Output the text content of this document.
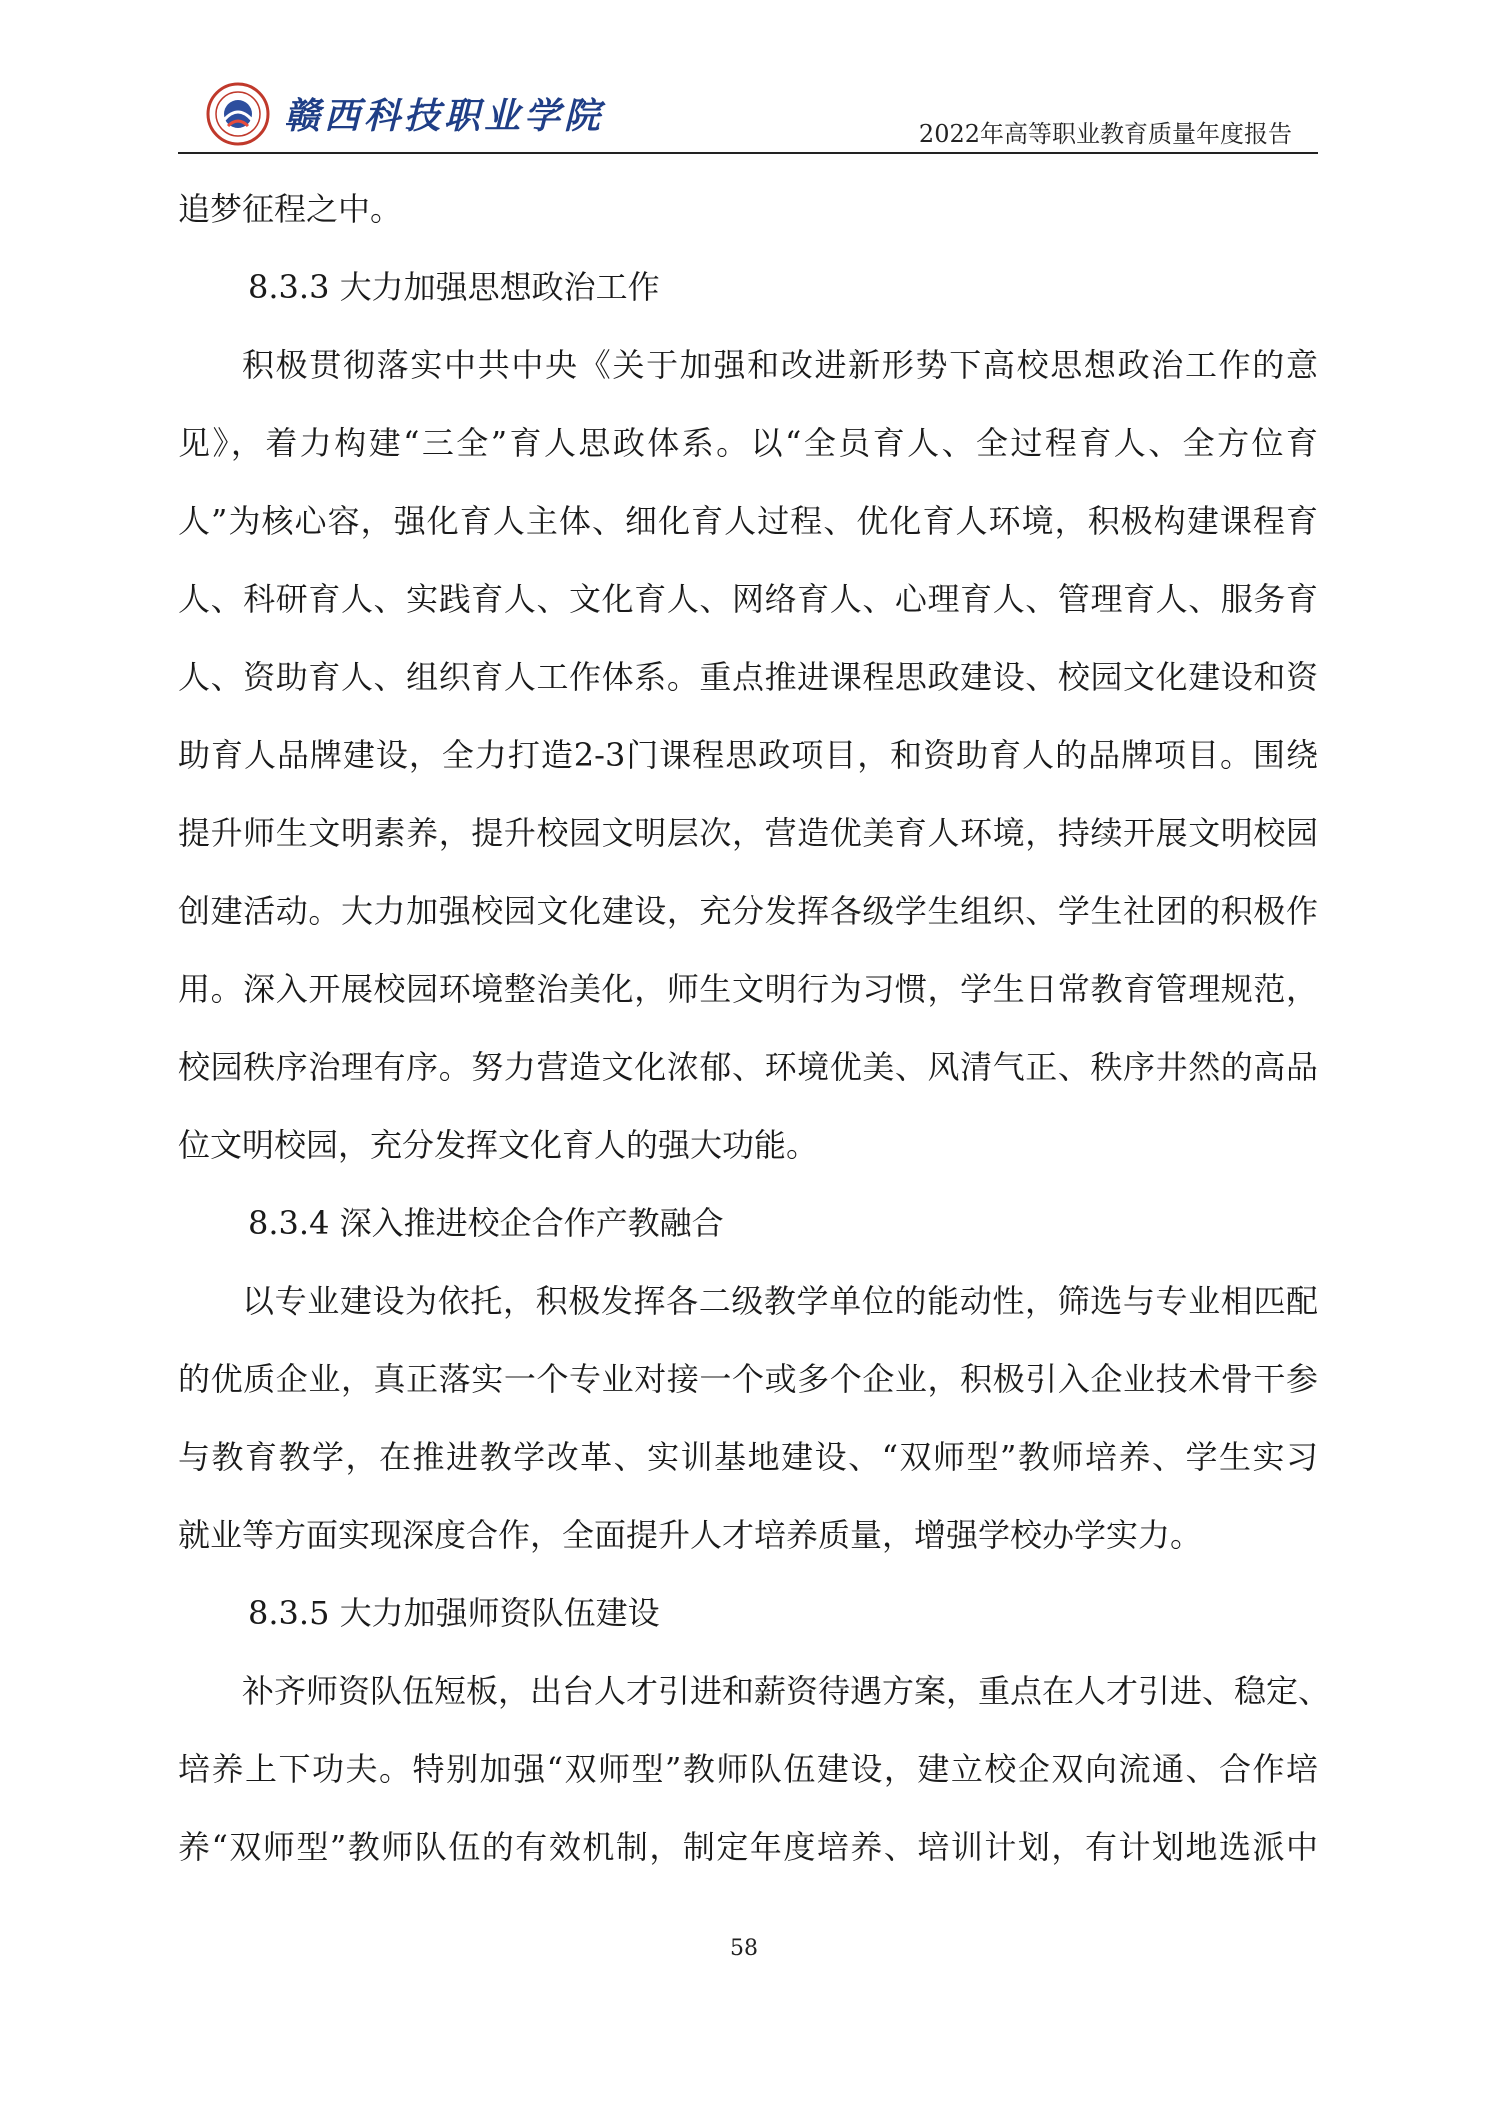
赣西科技职业学院	2022年高等职业教育质量年度报告
追梦征程之中。
8.3.3 大力加强思想政治工作
积极贯彻落实中共中央《关于加强和改进新形势下高校思想政治工作的意
见》，着力构建“三全”育人思政体系。以“全员育人、全过程育人、全方位育
人”为核心容，强化育人主体、细化育人过程、优化育人环境，积极构建课程育
人、科研育人、实践育人、文化育人、网络育人、心理育人、管理育人、服务育
人、资助育人、组织育人工作体系。重点推进课程思政建设、校园文化建设和资
助育人品牌建设，全力打造2-3门课程思政项目，和资助育人的品牌项目。围绕
提升师生文明素养，提升校园文明层次，营造优美育人环境，持续开展文明校园
创建活动。大力加强校园文化建设，充分发挥各级学生组织、学生社团的积极作
用。深入开展校园环境整治美化，师生文明行为习惯，学生日常教育管理规范，
校园秩序治理有序。努力营造文化浓郁、环境优美、风清气正、秩序井然的高品
位文明校园，充分发挥文化育人的强大功能。
8.3.4 深入推进校企合作产教融合
以专业建设为依托，积极发挥各二级教学单位的能动性，筛选与专业相匹配
的优质企业，真正落实一个专业对接一个或多个企业，积极引入企业技术骨干参
与教育教学，在推进教学改革、实训基地建设、“双师型”教师培养、学生实习
就业等方面实现深度合作，全面提升人才培养质量，增强学校办学实力。
8.3.5 大力加强师资队伍建设
补齐师资队伍短板，出台人才引进和薪资待遇方案，重点在人才引进、稳定、
培养上下功夫。特别加强“双师型”教师队伍建设，建立校企双向流通、合作培
养“双师型”教师队伍的有效机制，制定年度培养、培训计划，有计划地选派中
58
